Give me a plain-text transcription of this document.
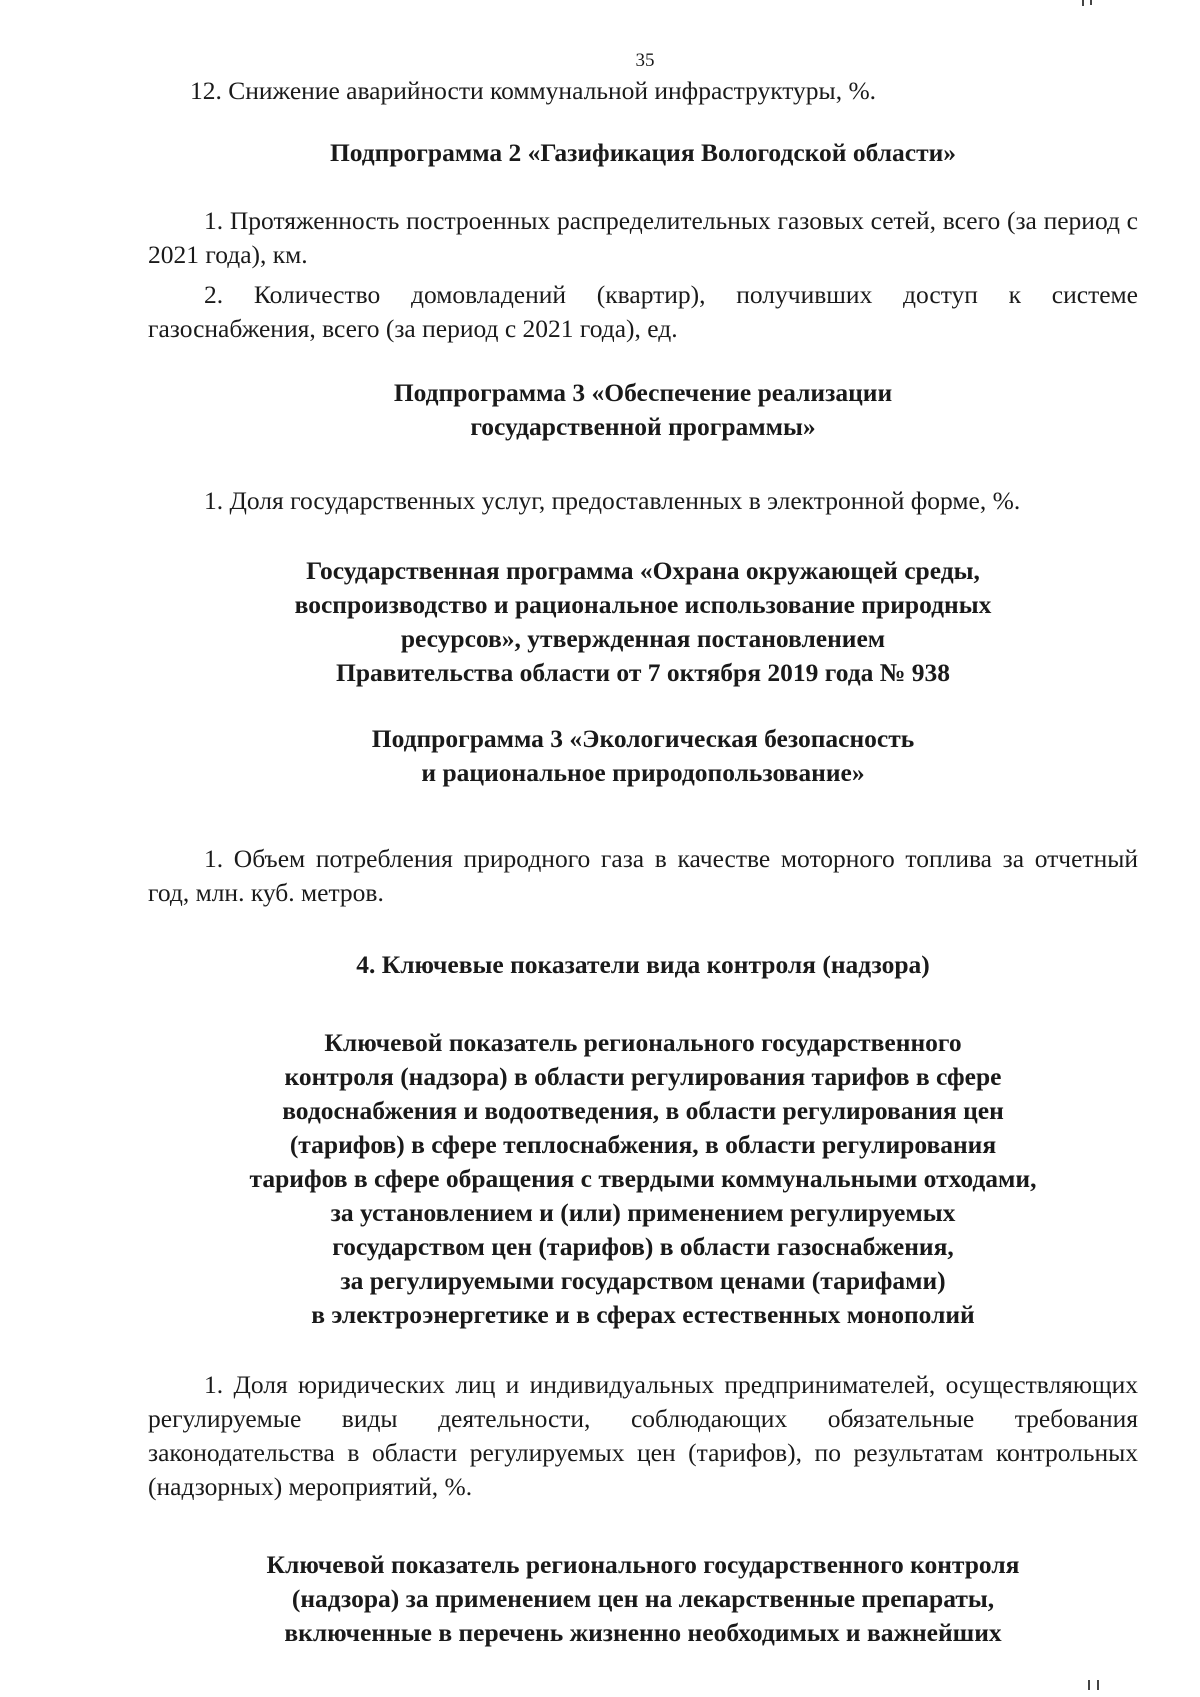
35

12. Снижение аварийности коммунальной инфраструктуры, %.

Подпрограмма 2 «Газификация Вологодской области»

1. Протяженность построенных распределительных газовых сетей, всего (за период с 2021 года), км.

2. Количество домовладений (квартир), получивших доступ к системе газоснабжения, всего (за период с 2021 года), ед.

Подпрограмма 3 «Обеспечение реализации
государственной программы»

1. Доля государственных услуг, предоставленных в электронной форме, %.

Государственная программа «Охрана окружающей среды,
воспроизводство и рациональное использование природных
ресурсов», утвержденная постановлением
Правительства области от 7 октября 2019 года № 938
Подпрограмма 3 «Экологическая безопасность
и рациональное природопользование»

1. Объем потребления природного газа в качестве моторного топлива за отчетный год, млн. куб. метров.

4. Ключевые показатели вида контроля (надзора)
Ключевой показатель регионального государственного
контроля (надзора) в области регулирования тарифов в сфере
водоснабжения и водоотведения, в области регулирования цен
(тарифов) в сфере теплоснабжения, в области регулирования
тарифов в сфере обращения с твердыми коммунальными отходами,
за установлением и (или) применением регулируемых
государством цен (тарифов) в области газоснабжения,
за регулируемыми государством ценами (тарифами)
в электроэнергетике и в сферах естественных монополий

1. Доля юридических лиц и индивидуальных предпринимателей, осуществляющих регулируемые виды деятельности, соблюдающих обязательные требования законодательства в области регулируемых цен (тарифов), по результатам контрольных (надзорных) мероприятий, %.

Ключевой показатель регионального государственного контроля
(надзора) за применением цен на лекарственные препараты,
включенные в перечень жизненно необходимых и важнейших
